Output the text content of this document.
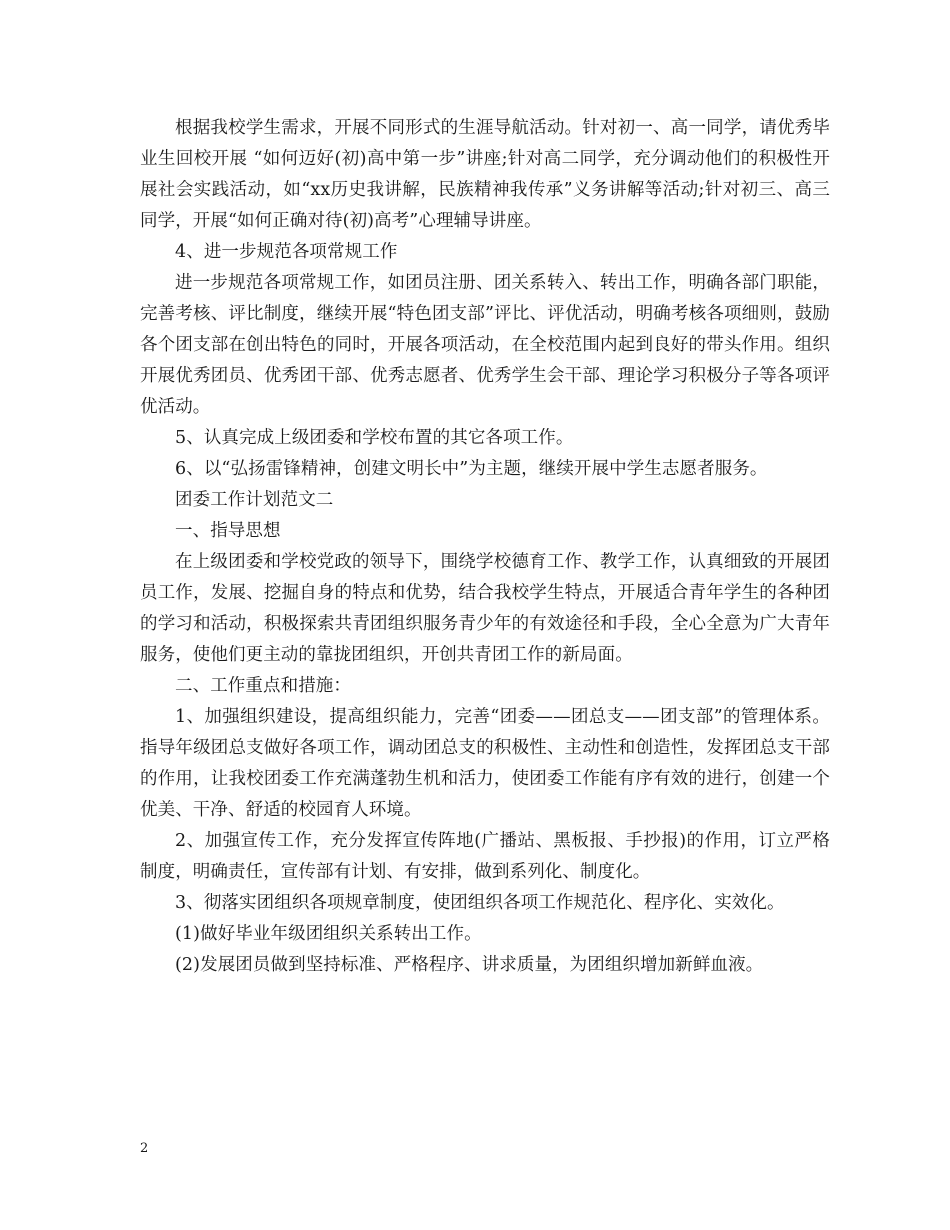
根据我校学生需求，开展不同形式的生涯导航活动。针对初一、高一同学，请优秀毕业生回校开展 “如何迈好(初)高中第一步”讲座;针对高二同学，充分调动他们的积极性开展社会实践活动，如“xx历史我讲解，民族精神我传承”义务讲解等活动;针对初三、高三同学，开展“如何正确对待(初)高考”心理辅导讲座。

4、进一步规范各项常规工作

进一步规范各项常规工作，如团员注册、团关系转入、转出工作，明确各部门职能，完善考核、评比制度，继续开展“特色团支部”评比、评优活动，明确考核各项细则，鼓励各个团支部在创出特色的同时，开展各项活动，在全校范围内起到良好的带头作用。组织开展优秀团员、优秀团干部、优秀志愿者、优秀学生会干部、理论学习积极分子等各项评优活动。

5、认真完成上级团委和学校布置的其它各项工作。

6、以“弘扬雷锋精神，创建文明长中”为主题，继续开展中学生志愿者服务。

团委工作计划范文二

一、指导思想

在上级团委和学校党政的领导下，围绕学校德育工作、教学工作，认真细致的开展团员工作，发展、挖掘自身的特点和优势，结合我校学生特点，开展适合青年学生的各种团的学习和活动，积极探索共青团组织服务青少年的有效途径和手段，全心全意为广大青年服务，使他们更主动的靠拢团组织，开创共青团工作的新局面。

二、工作重点和措施：

1、加强组织建设，提高组织能力，完善“团委——团总支——团支部”的管理体系。指导年级团总支做好各项工作，调动团总支的积极性、主动性和创造性，发挥团总支干部的作用，让我校团委工作充满蓬勃生机和活力，使团委工作能有序有效的进行，创建一个优美、干净、舒适的校园育人环境。

2、加强宣传工作，充分发挥宣传阵地(广播站、黑板报、手抄报)的作用，订立严格制度，明确责任，宣传部有计划、有安排，做到系列化、制度化。

3、彻落实团组织各项规章制度，使团组织各项工作规范化、程序化、实效化。

(1)做好毕业年级团组织关系转出工作。

(2)发展团员做到坚持标准、严格程序、讲求质量，为团组织增加新鲜血液。

2
